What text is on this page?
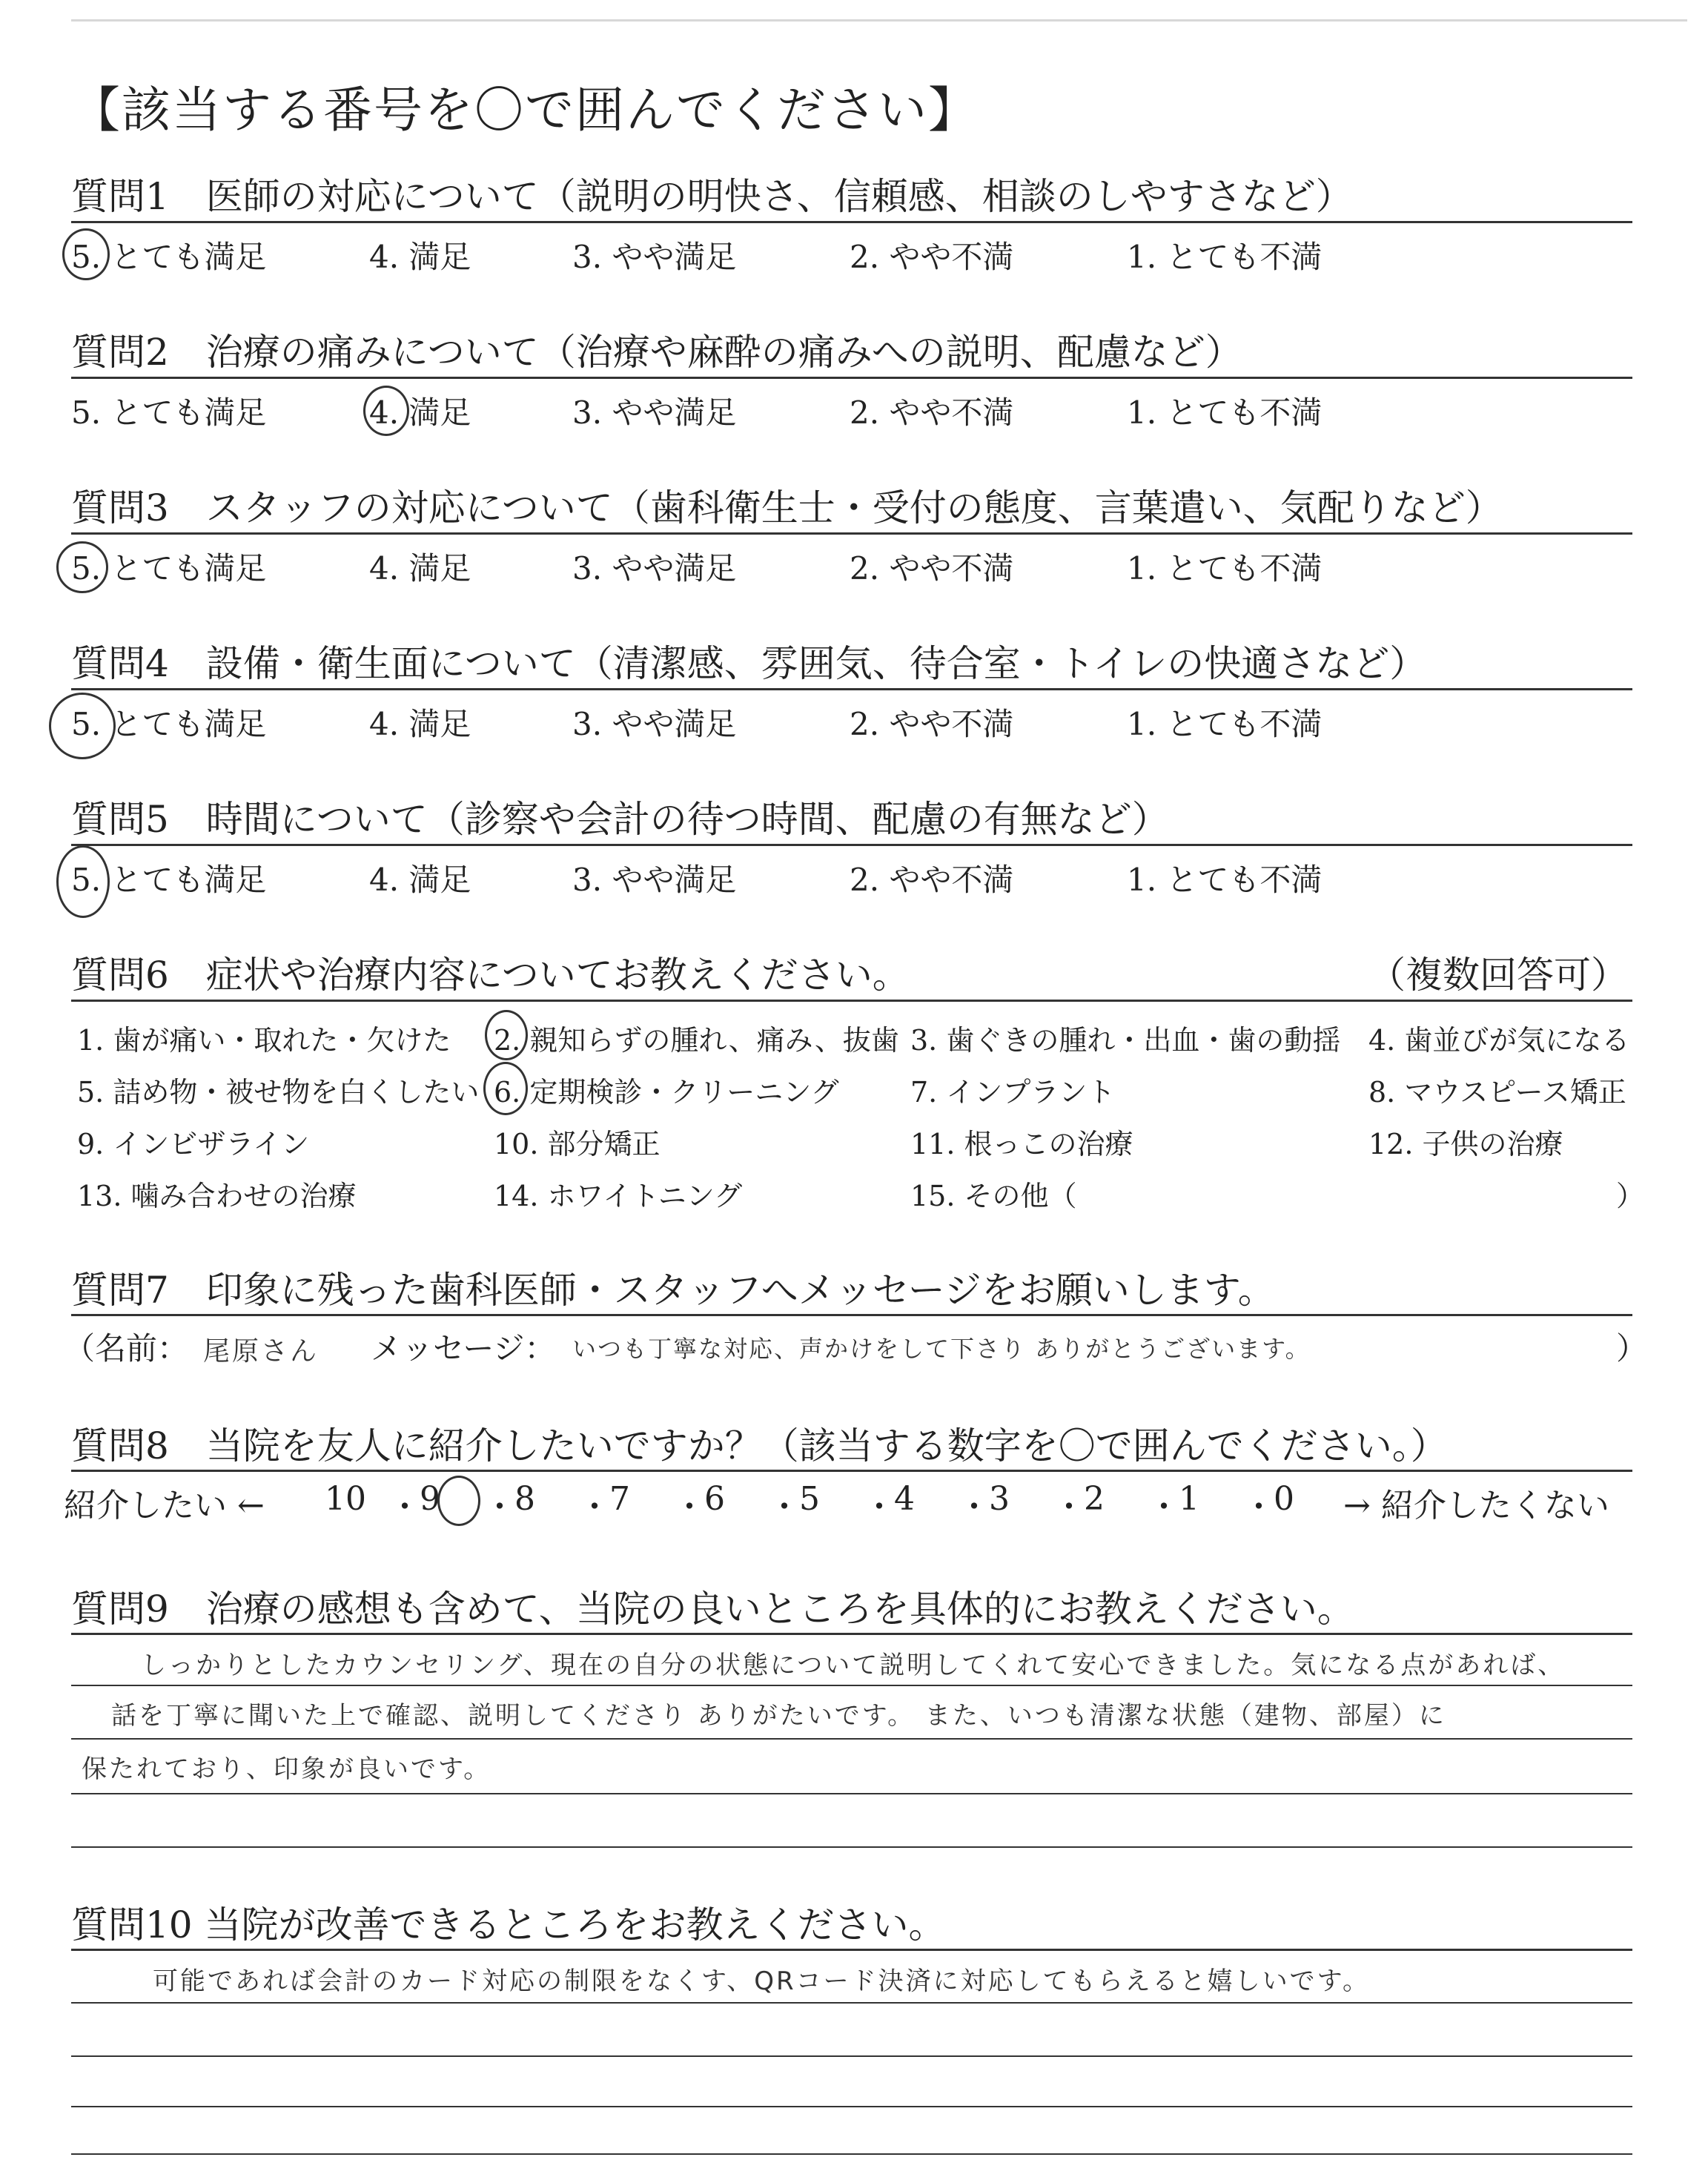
【該当する番号を〇で囲んでください】
質問1　医師の対応について（説明の明快さ、信頼感、相談のしやすさなど）
5. とても満足	4. 満足	3. やや満足	2. やや不満	1. とても不満
質問2　治療の痛みについて（治療や麻酔の痛みへの説明、配慮など）
5. とても満足	4. 満足	3. やや満足	2. やや不満	1. とても不満
質問3　スタッフの対応について（歯科衛生士・受付の態度、言葉遣い、気配りなど）
5. とても満足	4. 満足	3. やや満足	2. やや不満	1. とても不満
質問4　設備・衛生面について（清潔感、雰囲気、待合室・トイレの快適さなど）
5. とても満足	4. 満足	3. やや満足	2. やや不満	1. とても不満
質問5　時間について（診察や会計の待つ時間、配慮の有無など）
5. とても満足	4. 満足	3. やや満足	2. やや不満	1. とても不満
質問6　症状や治療内容についてお教えください。	（複数回答可）
1. 歯が痛い・取れた・欠けた 2. 親知らずの腫れ、痛み、抜歯 3. 歯ぐきの腫れ・出血・歯の動揺 4. 歯並びが気になる
5. 詰め物・被せ物を白くしたい 6. 定期検診・クリーニング	7. インプラント	8. マウスピース矯正
9. インビザライン	10. 部分矯正	11. 根っこの治療	12. 子供の治療
13. 噛み合わせの治療	14. ホワイトニング	15. その他（	）
質問7　印象に残った歯科医師・スタッフへメッセージをお願いします。
（名前： 尾原さん メッセージ： いつも丁寧な対応、声かけをして下さり ありがとうございます。	）
質問8　当院を友人に紹介したいですか？（該当する数字を〇で囲んでください。）
紹介したい ←	→ 紹介したくない
10 ・
9 ・
8 ・
7 ・
6 ・
5 ・
4 ・
3 ・
2 ・
1 ・
0
質問9　治療の感想も含めて、当院の良いところを具体的にお教えください。
しっかりとしたカウンセリング、現在の自分の状態について説明してくれて安心できました。気になる点があれば、
話を丁寧に聞いた上で確認、説明してくださり ありがたいです。 また、いつも清潔な状態（建物、部屋）に
保たれており、印象が良いです。
質問10 当院が改善できるところをお教えください。
可能であれば会計のカード対応の制限をなくす、QRコード決済に対応してもらえると嬉しいです。
